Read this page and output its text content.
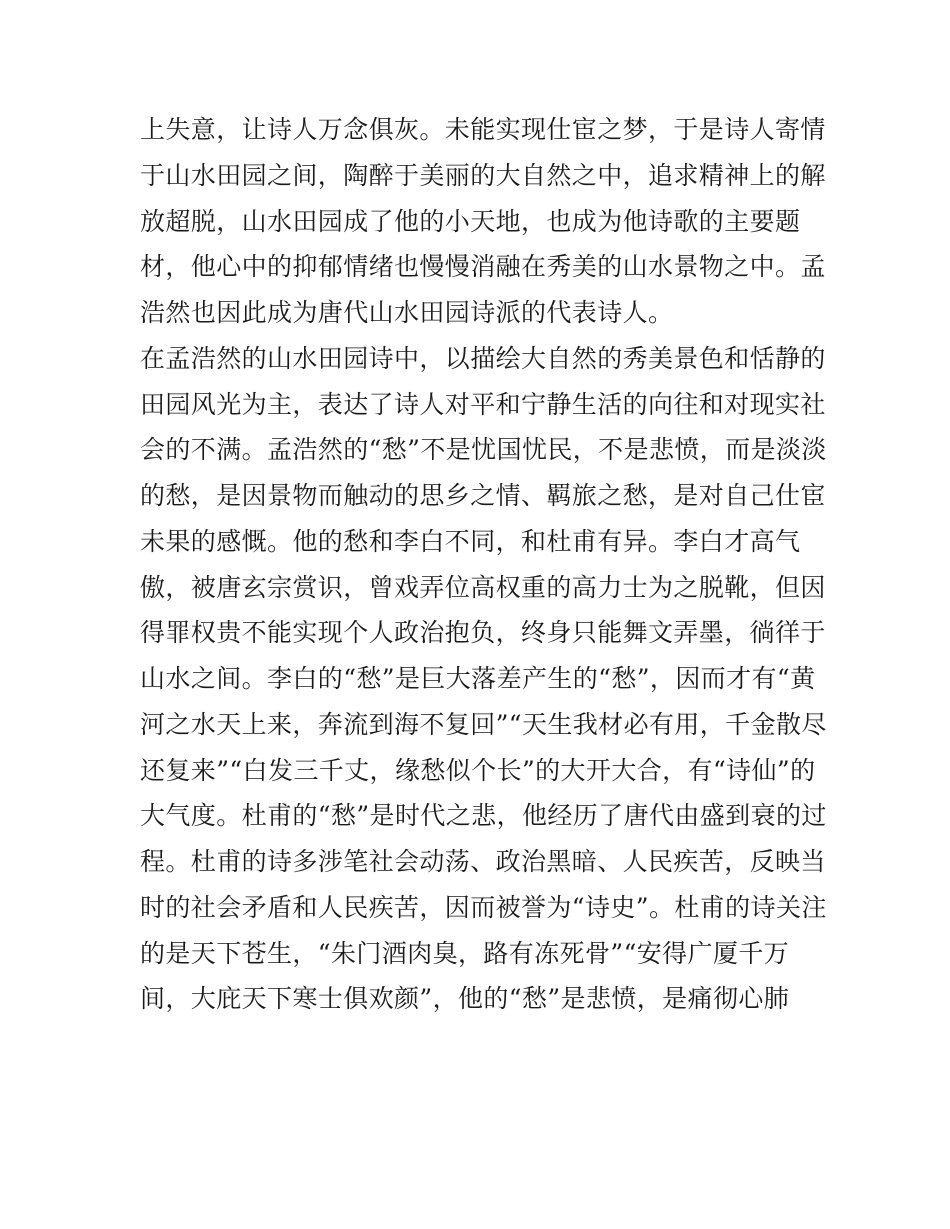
上失意，让诗人万念俱灰。未能实现仕宦之梦，于是诗人寄情
于山水田园之间，陶醉于美丽的大自然之中，追求精神上的解
放超脱，山水田园成了他的小天地，也成为他诗歌的主要题
材，他心中的抑郁情绪也慢慢消融在秀美的山水景物之中。孟
浩然也因此成为唐代山水田园诗派的代表诗人。
在孟浩然的山水田园诗中，以描绘大自然的秀美景色和恬静的
田园风光为主，表达了诗人对平和宁静生活的向往和对现实社
会的不满。孟浩然的“愁”不是忧国忧民，不是悲愤，而是淡淡
的愁，是因景物而触动的思乡之情、羁旅之愁，是对自己仕宦
未果的感慨。他的愁和李白不同，和杜甫有异。李白才高气
傲，被唐玄宗赏识，曾戏弄位高权重的高力士为之脱靴，但因
得罪权贵不能实现个人政治抱负，终身只能舞文弄墨，徜徉于
山水之间。李白的“愁”是巨大落差产生的“愁”，因而才有“黄
河之水天上来，奔流到海不复回”“天生我材必有用，千金散尽
还复来”“白发三千丈，缘愁似个长”的大开大合，有“诗仙”的
大气度。杜甫的“愁”是时代之悲，他经历了唐代由盛到衰的过
程。杜甫的诗多涉笔社会动荡、政治黑暗、人民疾苦，反映当
时的社会矛盾和人民疾苦，因而被誉为“诗史”。杜甫的诗关注
的是天下苍生，“朱门酒肉臭，路有冻死骨”“安得广厦千万
间，大庇天下寒士俱欢颜”，他的“愁”是悲愤，是痛彻心肺
